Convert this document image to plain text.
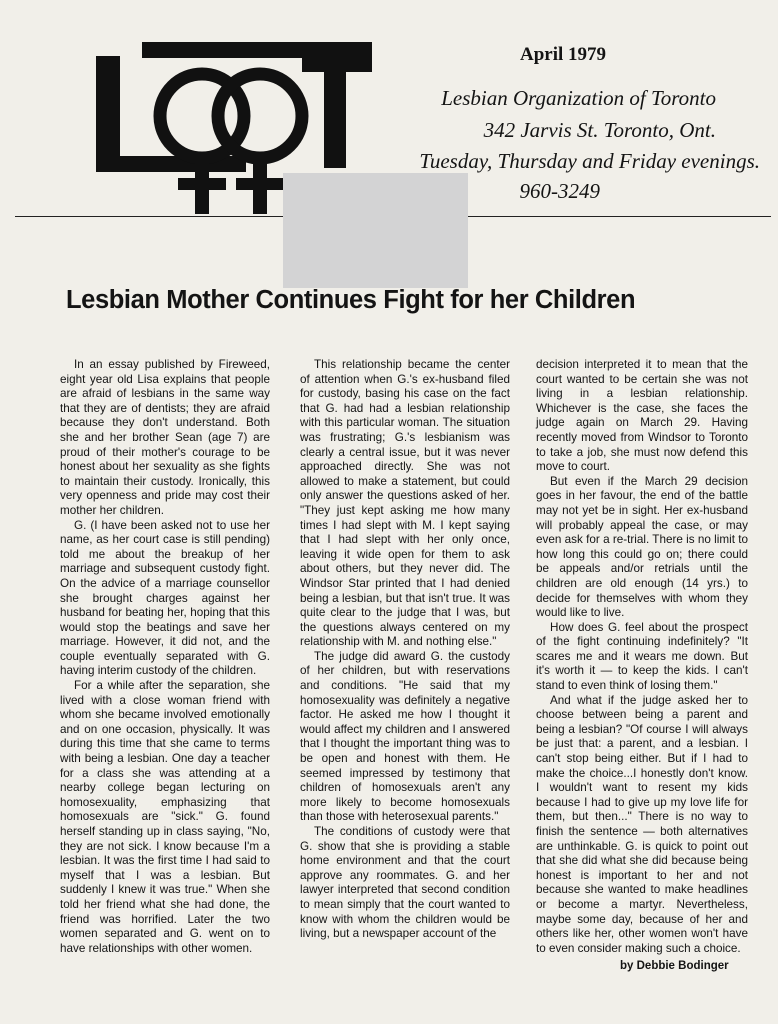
April 1979
Lesbian Organization of Toronto
342 Jarvis St. Toronto, Ont.
Tuesday, Thursday and Friday evenings.
960-3249
Lesbian Mother Continues Fight for her Children

In an essay published by Fireweed, eight year old Lisa explains that people are afraid of lesbians in the same way that they are of dentists; they are afraid because they don't understand. Both she and her brother Sean (age 7) are proud of their mother's courage to be honest about her sexuality as she fights to maintain their custody. Ironically, this very openness and pride may cost their mother her children.

G. (I have been asked not to use her name, as her court case is still pending) told me about the breakup of her marriage and subsequent custody fight. On the advice of a marriage counsellor she brought charges against her husband for beating her, hoping that this would stop the beatings and save her marriage. However, it did not, and the couple eventually separated with G. having interim custody of the children.

For a while after the separation, she lived with a close woman friend with whom she became involved emotionally and on one occasion, physically. It was during this time that she came to terms with being a lesbian. One day a teacher for a class she was attending at a nearby college began lecturing on homosexuality, emphasizing that homosexuals are "sick." G. found herself standing up in class saying, "No, they are not sick. I know because I'm a lesbian. It was the first time I had said to myself that I was a lesbian. But suddenly I knew it was true." When she told her friend what she had done, the friend was horrified. Later the two women separated and G. went on to have relationships with other women.

This relationship became the center of attention when G.'s ex-husband filed for custody, basing his case on the fact that G. had had a lesbian relationship with this particular woman. The situation was frustrating; G.'s lesbianism was clearly a central issue, but it was never approached directly. She was not allowed to make a statement, but could only answer the questions asked of her. "They just kept asking me how many times I had slept with M. I kept saying that I had slept with her only once, leaving it wide open for them to ask about others, but they never did. The Windsor Star printed that I had denied being a lesbian, but that isn't true. It was quite clear to the judge that I was, but the questions always centered on my relationship with M. and nothing else."

The judge did award G. the custody of her children, but with reservations and conditions. "He said that my homosexuality was definitely a negative factor. He asked me how I thought it would affect my children and I answered that I thought the important thing was to be open and honest with them. He seemed impressed by testimony that children of homosexuals aren't any more likely to become homosexuals than those with heterosexual parents."

The conditions of custody were that G. show that she is providing a stable home environment and that the court approve any roommates. G. and her lawyer interpreted that second condition to mean simply that the court wanted to know with whom the children would be living, but a newspaper account of the

decision interpreted it to mean that the court wanted to be certain she was not living in a lesbian relationship. Whichever is the case, she faces the judge again on March 29. Having recently moved from Windsor to Toronto to take a job, she must now defend this move to court.

But even if the March 29 decision goes in her favour, the end of the battle may not yet be in sight. Her ex-husband will probably appeal the case, or may even ask for a re-trial. There is no limit to how long this could go on; there could be appeals and/or retrials until the children are old enough (14 yrs.) to decide for themselves with whom they would like to live.

How does G. feel about the prospect of the fight continuing indefinitely? "It scares me and it wears me down. But it's worth it — to keep the kids. I can't stand to even think of losing them."

And what if the judge asked her to choose between being a parent and being a lesbian? "Of course I will always be just that: a parent, and a lesbian. I can't stop being either. But if I had to make the choice...I honestly don't know. I wouldn't want to resent my kids because I had to give up my love life for them, but then..." There is no way to finish the sentence — both alternatives are unthinkable. G. is quick to point out that she did what she did because being honest is important to her and not because she wanted to make headlines or become a martyr. Nevertheless, maybe some day, because of her and others like her, other women won't have to even consider making such a choice.

by Debbie Bodinger
